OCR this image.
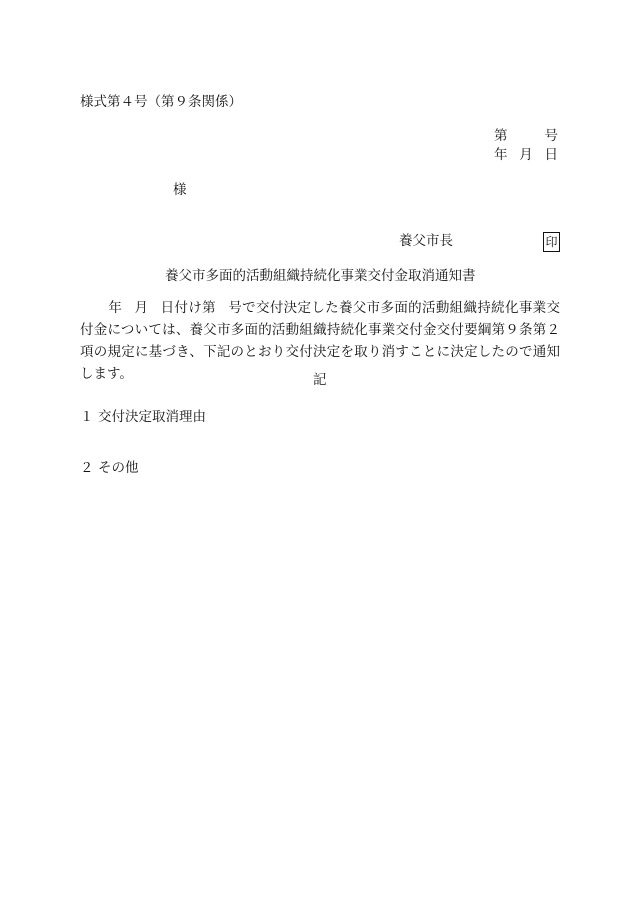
様式第４号（第９条関係）
第	号
年 月 日
様
養父市長	印
養父市多面的活動組織持続化事業交付金取消通知書
年 月 日付け第 号で交付決定した養父市多面的活動組織持続化事業交付金については、養父市多面的活動組織持続化事業交付金交付要綱第９条第２項の規定に基づき、下記のとおり交付決定を取り消すことに決定したので通知します。	記
１ 交付決定取消理由
２ その他
